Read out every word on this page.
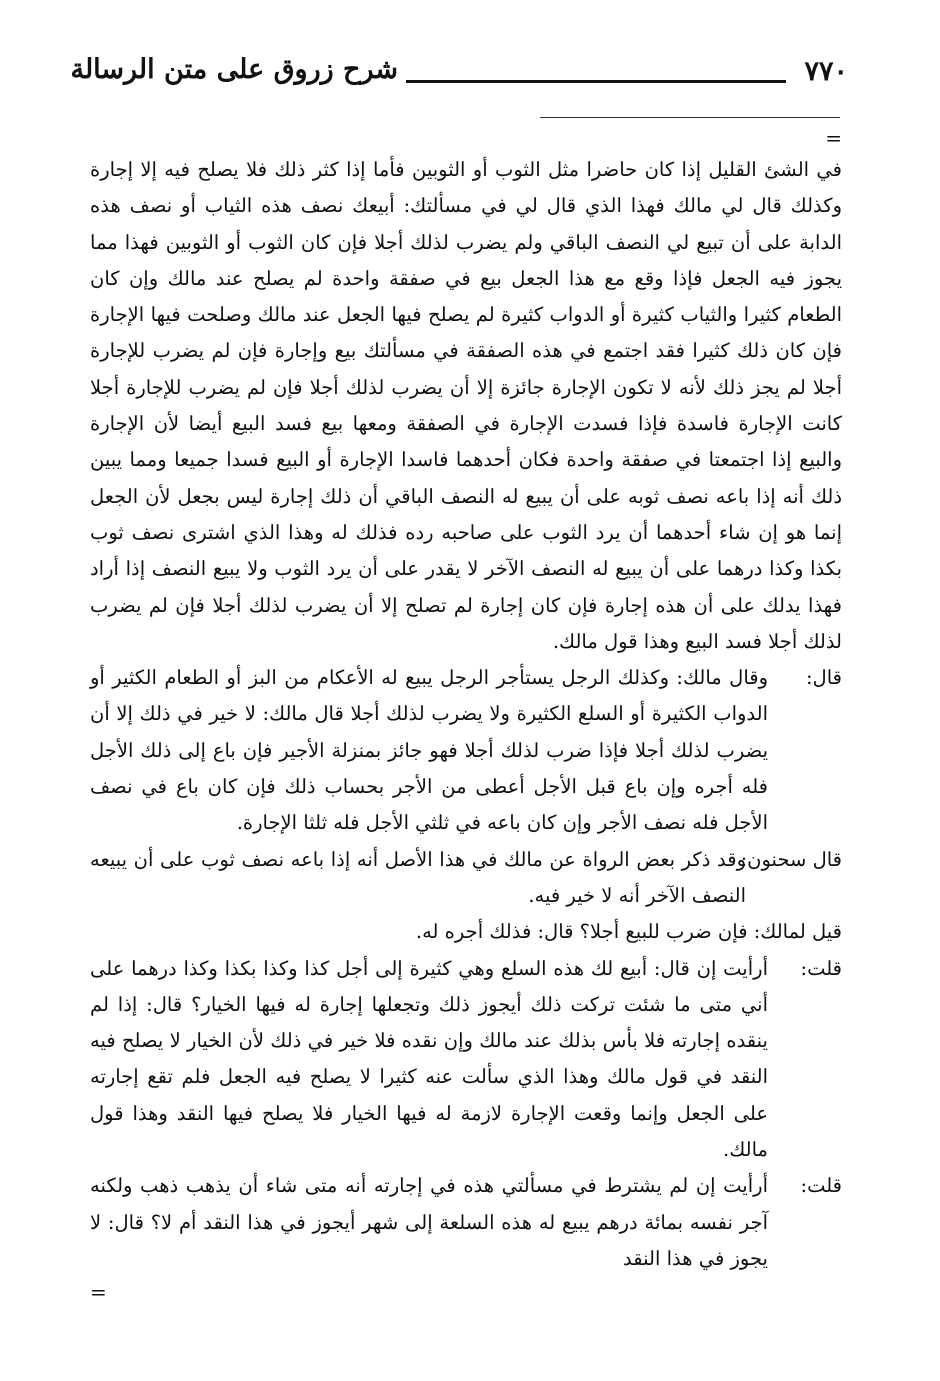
٧٧٠
شرح زروق على متن الرسالة
=

في الشئ القليل إذا كان حاضرا مثل الثوب أو الثوبين فأما إذا كثر ذلك فلا يصلح فيه إلا إجارة وكذلك قال لي مالك فهذا الذي قال لي في مسألتك: أبيعك نصف هذه الثياب أو نصف هذه الدابة على أن تبيع لي النصف الباقي ولم يضرب لذلك أجلا فإن كان الثوب أو الثوبين فهذا مما يجوز فيه الجعل فإذا وقع مع هذا الجعل بيع في صفقة واحدة لم يصلح عند مالك وإن كان الطعام كثيرا والثياب كثيرة أو الدواب كثيرة لم يصلح فيها الجعل عند مالك وصلحت فيها الإجارة فإن كان ذلك كثيرا فقد اجتمع في هذه الصفقة في مسألتك بيع وإجارة فإن لم يضرب للإجارة أجلا لم يجز ذلك لأنه لا تكون الإجارة جائزة إلا أن يضرب لذلك أجلا فإن لم يضرب للإجارة أجلا كانت الإجارة فاسدة فإذا فسدت الإجارة في الصفقة ومعها بيع فسد البيع أيضا لأن الإجارة والبيع إذا اجتمعتا في صفقة واحدة فكان أحدهما فاسدا الإجارة أو البيع فسدا جميعا ومما يبين ذلك أنه إذا باعه نصف ثوبه على أن يبيع له النصف الباقي أن ذلك إجارة ليس بجعل لأن الجعل إنما هو إن شاء أحدهما أن يرد الثوب على صاحبه رده فذلك له وهذا الذي اشترى نصف ثوب بكذا وكذا درهما على أن يبيع له النصف الآخر لا يقدر على أن يرد الثوب ولا يبيع النصف إذا أراد فهذا يدلك على أن هذه إجارة فإن كان إجارة لم تصلح إلا أن يضرب لذلك أجلا فإن لم يضرب لذلك أجلا فسد البيع وهذا قول مالك.

قال:
وقال مالك: وكذلك الرجل يستأجر الرجل يبيع له الأعكام من البز أو الطعام الكثير أو الدواب الكثيرة أو السلع الكثيرة ولا يضرب لذلك أجلا قال مالك: لا خير في ذلك إلا أن يضرب لذلك أجلا فإذا ضرب لذلك أجلا فهو جائز بمنزلة الأجير فإن باع إلى ذلك الأجل فله أجره وإن باع قبل الأجل أعطى من الأجر بحساب ذلك فإن كان باع في نصف الأجل فله نصف الأجر وإن كان باعه في ثلثي الأجل فله ثلثا الإجارة.

قال سحنون:
وقد ذكر بعض الرواة عن مالك في هذا الأصل أنه إذا باعه نصف ثوب على أن يبيعه النصف الآخر أنه لا خير فيه.

قيل لمالك: فإن ضرب للبيع أجلا؟ قال: فذلك أجره له.

قلت:
أرأيت إن قال: أبيع لك هذه السلع وهي كثيرة إلى أجل كذا وكذا بكذا وكذا درهما على أني متى ما شئت تركت ذلك أيجوز ذلك وتجعلها إجارة له فيها الخيار؟ قال: إذا لم ينقده إجارته فلا بأس بذلك عند مالك وإن نقده فلا خير في ذلك لأن الخيار لا يصلح فيه النقد في قول مالك وهذا الذي سألت عنه كثيرا لا يصلح فيه الجعل فلم تقع إجارته على الجعل وإنما وقعت الإجارة لازمة له فيها الخيار فلا يصلح فيها النقد وهذا قول مالك.

قلت:
أرأيت إن لم يشترط في مسألتي هذه في إجارته أنه متى شاء أن يذهب ذهب ولكنه آجر نفسه بمائة درهم يبيع له هذه السلعة إلى شهر أيجوز في هذا النقد أم لا؟ قال: لا يجوز في هذا النقد

=
